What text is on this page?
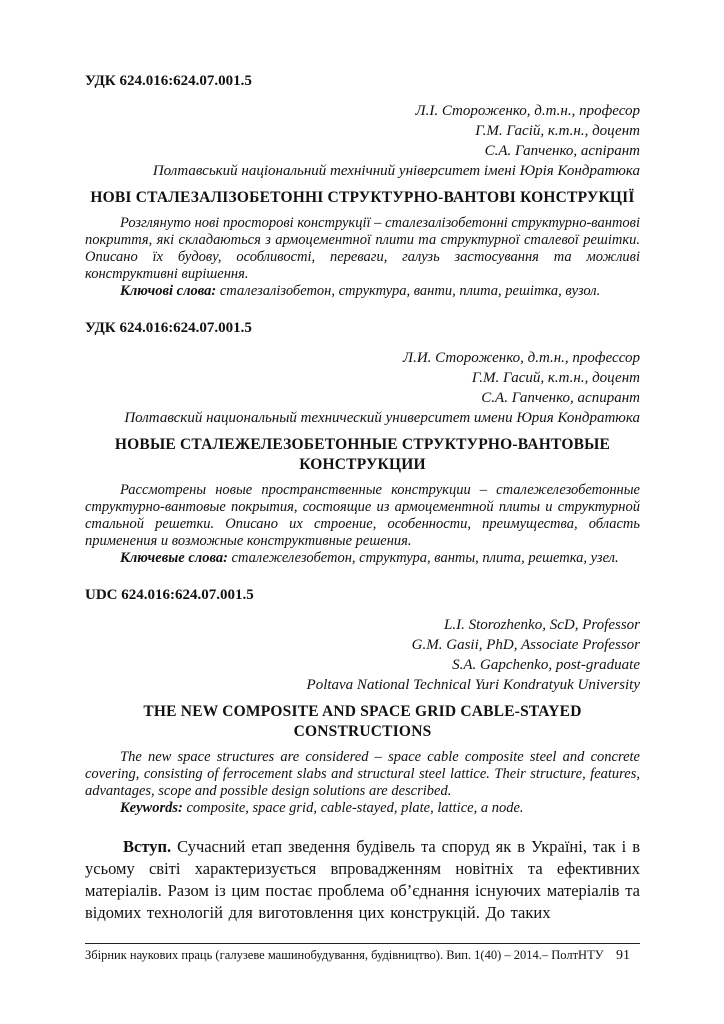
УДК 624.016:624.07.001.5

Л.І. Стороженко, д.т.н., професор
Г.М. Гасій, к.т.н., доцент
С.А. Гапченко, аспірант
Полтавський національний технічний університет імені Юрія Кондратюка
НОВІ СТАЛЕЗАЛІЗОБЕТОННІ СТРУКТУРНО-ВАНТОВІ КОНСТРУКЦІЇ

Розглянуто нові просторові конструкції – сталезалізобетонні структурно-вантові покриття, які складаються з армоцементної плити та структурної сталевої решітки. Описано їх будову, особливості, переваги, галузь застосування та можливі конструктивні вирішення.

Ключові слова: сталезалізобетон, структура, ванти, плита, решітка, вузол.

УДК 624.016:624.07.001.5

Л.И. Стороженко, д.т.н., профессор
Г.М. Гасий, к.т.н., доцент
С.А. Гапченко, аспирант
Полтавский национальный технический университет имени Юрия Кондратюка
НОВЫЕ СТАЛЕЖЕЛЕЗОБЕТОННЫЕ СТРУКТУРНО-ВАНТОВЫЕ КОНСТРУКЦИИ

Рассмотрены новые пространственные конструкции – сталежелезобетонные структурно-вантовые покрытия, состоящие из армоцементной плиты и структурной стальной решетки. Описано их строение, особенности, преимущества, область применения и возможные конструктивные решения.

Ключевые слова: сталежелезобетон, структура, ванты, плита, решетка, узел.

UDC 624.016:624.07.001.5

L.I. Storozhenko, ScD, Professor
G.M. Gasii, PhD, Associate Professor
S.A. Gapchenko, post-graduate
Poltava National Technical Yuri Kondratyuk University
THE NEW COMPOSITE AND SPACE GRID CABLE-STAYED CONSTRUCTIONS

The new space structures are considered – space cable composite steel and concrete covering, consisting of ferrocement slabs and structural steel lattice. Their structure, features, advantages, scope and possible design solutions are described.

Keywords: composite, space grid, cable-stayed, plate, lattice, a node.

Вступ. Сучасний етап зведення будівель та споруд як в Україні, так і в усьому світі характеризується впровадженням новітніх та ефективних матеріалів. Разом із цим постає проблема об’єднання існуючих матеріалів та відомих технологій для виготовлення цих конструкцій. До таких

Збірник наукових праць (галузеве машинобудування, будівництво). Вип. 1(40) – 2014.– ПолтНТУ 91
